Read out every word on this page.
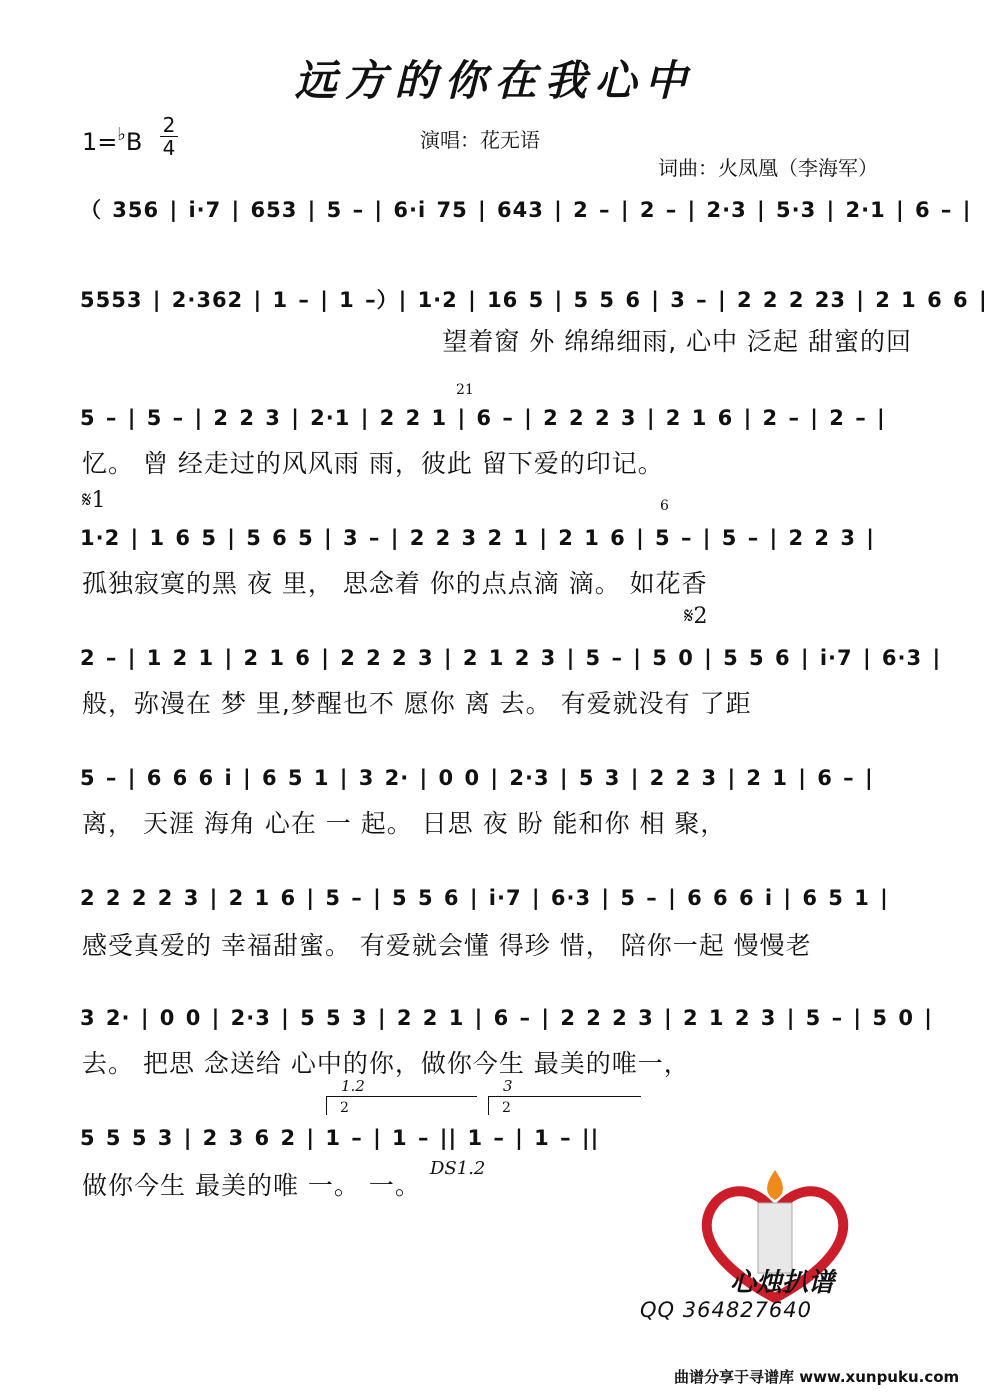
远方的你在我心中
1=♭B
2
4	演唱：花无语
词曲：火凤凰（李海军）
（ 356 | i·7 | 653 | 5 – | 6·i 75 | 643 | 2 – | 2 – | 2·3 | 5·3 | 2·1 | 6 – |
5553 | 2·362 | 1 – | 1 –）| 1·2 | 16 5 | 5 5 6 | 3 – | 2 2 2 23 | 2 1 6 6 |
望着窗 外 绵绵细雨, 心中 泛起 甜蜜的回
21
5 – | 5 – | 2 2 3 | 2·1 | 2 2 1 | 6 – | 2 2 2 3 | 2 1 6 | 2 – | 2 – |
忆。 曾 经走过的风风雨 雨，彼此 留下爱的印记。
𝄋1	6
1·2 | 1 6 5 | 5 6 5 | 3 – | 2 2 3 2 1 | 2 1 6 | 5 – | 5 – | 2 2 3 |
孤独寂寞的黑 夜 里， 思念着 你的点点滴 滴。 如花香
𝄋2
2 – | 1 2 1 | 2 1 6 | 2 2 2 3 | 2 1 2 3 | 5 – | 5 0 | 5 5 6 | i·7 | 6·3 |
般，弥漫在 梦 里,梦醒也不 愿你 离 去。 有爱就没有 了距
5 – | 6 6 6 i | 6 5 1 | 3 2· | 0 0 | 2·3 | 5 3 | 2 2 3 | 2 1 | 6 – |
离， 天涯 海角 心在 一 起。 日思 夜 盼 能和你 相 聚，
2 2 2 2 3 | 2 1 6 | 5 – | 5 5 6 | i·7 | 6·3 | 5 – | 6 6 6 i | 6 5 1 |
感受真爱的 幸福甜蜜。 有爱就会懂 得珍 惜， 陪你一起 慢慢老
3 2· | 0 0 | 2·3 | 5 5 3 | 2 2 1 | 6 – | 2 2 2 3 | 2 1 2 3 | 5 – | 5 0 |
去。 把思 念送给 心中的你，做你今生 最美的唯一，
1.2	3
2	2
5 5 5 3 | 2 3 6 2 | 1 – | 1 – || 1 – | 1 – ||
做你今生 最美的唯 一。 一。
DS1.2
心烛扒谱
QQ 364827640
曲谱分享于寻谱库 www.xunpuku.com
